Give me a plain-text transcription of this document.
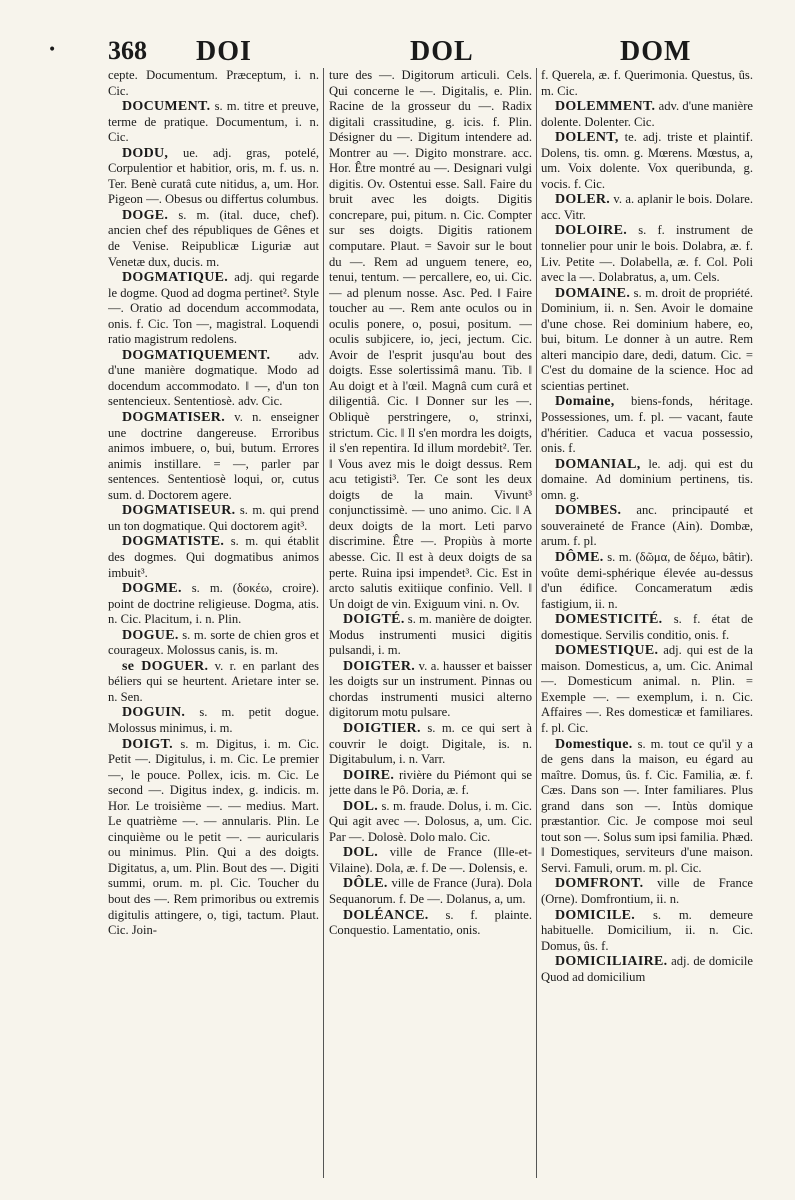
• 368 DOI	DOL	DOM

cepte. Documentum. Præceptum, i. n. Cic.

DOCUMENT. s. m. titre et preuve, terme de pratique. Documentum, i. n. Cic.

DODU, ue. adj. gras, potelé, Corpulentior et habitior, oris, m. f. us. n. Ter. Benè curatâ cute nitidus, a, um. Hor. Pigeon —. Obesus ou differtus columbus.

DOGE. s. m. (ital. duce, chef). ancien chef des républiques de Gênes et de Venise. Reipublicæ Liguriæ aut Venetæ dux, ducis. m.

DOGMATIQUE. adj. qui regarde le dogme. Quod ad dogma pertinet². Style —. Oratio ad docendum accommodata, onis. f. Cic. Ton —, magistral. Loquendi ratio magistrum redolens.

DOGMATIQUEMENT. adv. d'une manière dogmatique. Modo ad docendum accommodato. ‖ —, d'un ton sentencieux. Sententiosè. adv. Cic.

DOGMATISER. v. n. enseigner une doctrine dangereuse. Erroribus animos imbuere, o, bui, butum. Errores animis instillare. = —, parler par sentences. Sententiosè loqui, or, cutus sum. d. Doctorem agere.

DOGMATISEUR. s. m. qui prend un ton dogmatique. Qui doctorem agit³.

DOGMATISTE. s. m. qui établit des dogmes. Qui dogmatibus animos imbuit³.

DOGME. s. m. (δοκέω, croire). point de doctrine religieuse. Dogma, atis. n. Cic. Placitum, i. n. Plin.

DOGUE. s. m. sorte de chien gros et courageux. Molossus canis, is. m.

se DOGUER. v. r. en parlant des béliers qui se heurtent. Arietare inter se. n. Sen.

DOGUIN. s. m. petit dogue. Molossus minimus, i. m.

DOIGT. s. m. Digitus, i. m. Cic. Petit —. Digitulus, i. m. Cic. Le premier —, le pouce. Pollex, icis. m. Cic. Le second —. Digitus index, g. indicis. m. Hor. Le troisième —. — medius. Mart. Le quatrième —. — annularis. Plin. Le cinquième ou le petit —. — auricularis ou minimus. Plin. Qui a des doigts. Digitatus, a, um. Plin. Bout des —. Digiti summi, orum. m. pl. Cic. Toucher du bout des —. Rem primoribus ou extremis digitulis attingere, o, tigi, tactum. Plaut. Cic. Join-

ture des —. Digitorum articuli. Cels. Qui concerne le —. Digitalis, e. Plin. Racine de la grosseur du —. Radix digitali crassitudine, g. icis. f. Plin. Désigner du —. Digitum intendere ad. Montrer au —. Digito monstrare. acc. Hor. Être montré au —. Designari vulgi digitis. Ov. Ostentui esse. Sall. Faire du bruit avec les doigts. Digitis concrepare, pui, pitum. n. Cic. Compter sur ses doigts. Digitis rationem computare. Plaut. = Savoir sur le bout du —. Rem ad unguem tenere, eo, tenui, tentum. — percallere, eo, ui. Cic. — ad plenum nosse. Asc. Ped. ‖ Faire toucher au —. Rem ante oculos ou in oculis ponere, o, posui, positum. — oculis subjicere, io, jeci, jectum. Cic. Avoir de l'esprit jusqu'au bout des doigts. Esse solertissimâ manu. Tib. ‖ Au doigt et à l'œil. Magnâ cum curâ et diligentiâ. Cic. ‖ Donner sur les —. Obliquè perstringere, o, strinxi, strictum. Cic. ‖ Il s'en mordra les doigts, il s'en repentira. Id illum mordebit². Ter. ‖ Vous avez mis le doigt dessus. Rem acu tetigisti³. Ter. Ce sont les deux doigts de la main. Vivunt³ conjunctissimè. — uno animo. Cic. ‖ A deux doigts de la mort. Leti parvo discrimine. Être —. Propiùs à morte abesse. Cic. Il est à deux doigts de sa perte. Ruina ipsi impendet³. Cic. Est in arcto salutis exitiique confinio. Vell. ‖ Un doigt de vin. Exiguum vini. n. Ov.

DOIGTÉ. s. m. manière de doigter. Modus instrumenti musici digitis pulsandi, i. m.

DOIGTER. v. a. hausser et baisser les doigts sur un instrument. Pinnas ou chordas instrumenti musici alterno digitorum motu pulsare.

DOIGTIER. s. m. ce qui sert à couvrir le doigt. Digitale, is. n. Digitabulum, i. n. Varr.

DOIRE. rivière du Piémont qui se jette dans le Pô. Doria, æ. f.

DOL. s. m. fraude. Dolus, i. m. Cic. Qui agit avec —. Dolosus, a, um. Cic. Par —. Dolosè. Dolo malo. Cic.

DOL. ville de France (Ille-et-Vilaine). Dola, æ. f. De —. Dolensis, e.

DÔLE. ville de France (Jura). Dola Sequanorum. f. De —. Dolanus, a, um.

DOLÉANCE. s. f. plainte. Conquestio. Lamentatio, onis.

f. Querela, æ. f. Querimonia. Questus, ûs. m. Cic.

DOLEMMENT. adv. d'une manière dolente. Dolenter. Cic.

DOLENT, te. adj. triste et plaintif. Dolens, tis. omn. g. Mœrens. Mœstus, a, um. Voix dolente. Vox queribunda, g. vocis. f. Cic.

DOLER. v. a. aplanir le bois. Dolare. acc. Vitr.

DOLOIRE. s. f. instrument de tonnelier pour unir le bois. Dolabra, æ. f. Liv. Petite —. Dolabella, æ. f. Col. Poli avec la —. Dolabratus, a, um. Cels.

DOMAINE. s. m. droit de propriété. Dominium, ii. n. Sen. Avoir le domaine d'une chose. Rei dominium habere, eo, bui, bitum. Le donner à un autre. Rem alteri mancipio dare, dedi, datum. Cic. = C'est du domaine de la science. Hoc ad scientias pertinet.

Domaine, biens-fonds, héritage. Possessiones, um. f. pl. — vacant, faute d'héritier. Caduca et vacua possessio, onis. f.

DOMANIAL, le. adj. qui est du domaine. Ad dominium pertinens, tis. omn. g.

DOMBES. anc. principauté et souveraineté de France (Ain). Dombæ, arum. f. pl.

DÔME. s. m. (δῶμα, de δέμω, bâtir). voûte demi-sphérique élevée au-dessus d'un édifice. Concameratum ædis fastigium, ii. n.

DOMESTICITÉ. s. f. état de domestique. Servilis conditio, onis. f.

DOMESTIQUE. adj. qui est de la maison. Domesticus, a, um. Cic. Animal —. Domesticum animal. n. Plin. = Exemple —. — exemplum, i. n. Cic. Affaires —. Res domesticæ et familiares. f. pl. Cic.

Domestique. s. m. tout ce qu'il y a de gens dans la maison, eu égard au maître. Domus, ûs. f. Cic. Familia, æ. f. Cæs. Dans son —. Inter familiares. Plus grand dans son —. Intùs domique præstantior. Cic. Je compose moi seul tout son —. Solus sum ipsi familia. Phæd. ‖ Domestiques, serviteurs d'une maison. Servi. Famuli, orum. m. pl. Cic.

DOMFRONT. ville de France (Orne). Domfrontium, ii. n.

DOMICILE. s. m. demeure habituelle. Domicilium, ii. n. Cic. Domus, ûs. f.

DOMICILIAIRE. adj. de domicile Quod ad domicilium
